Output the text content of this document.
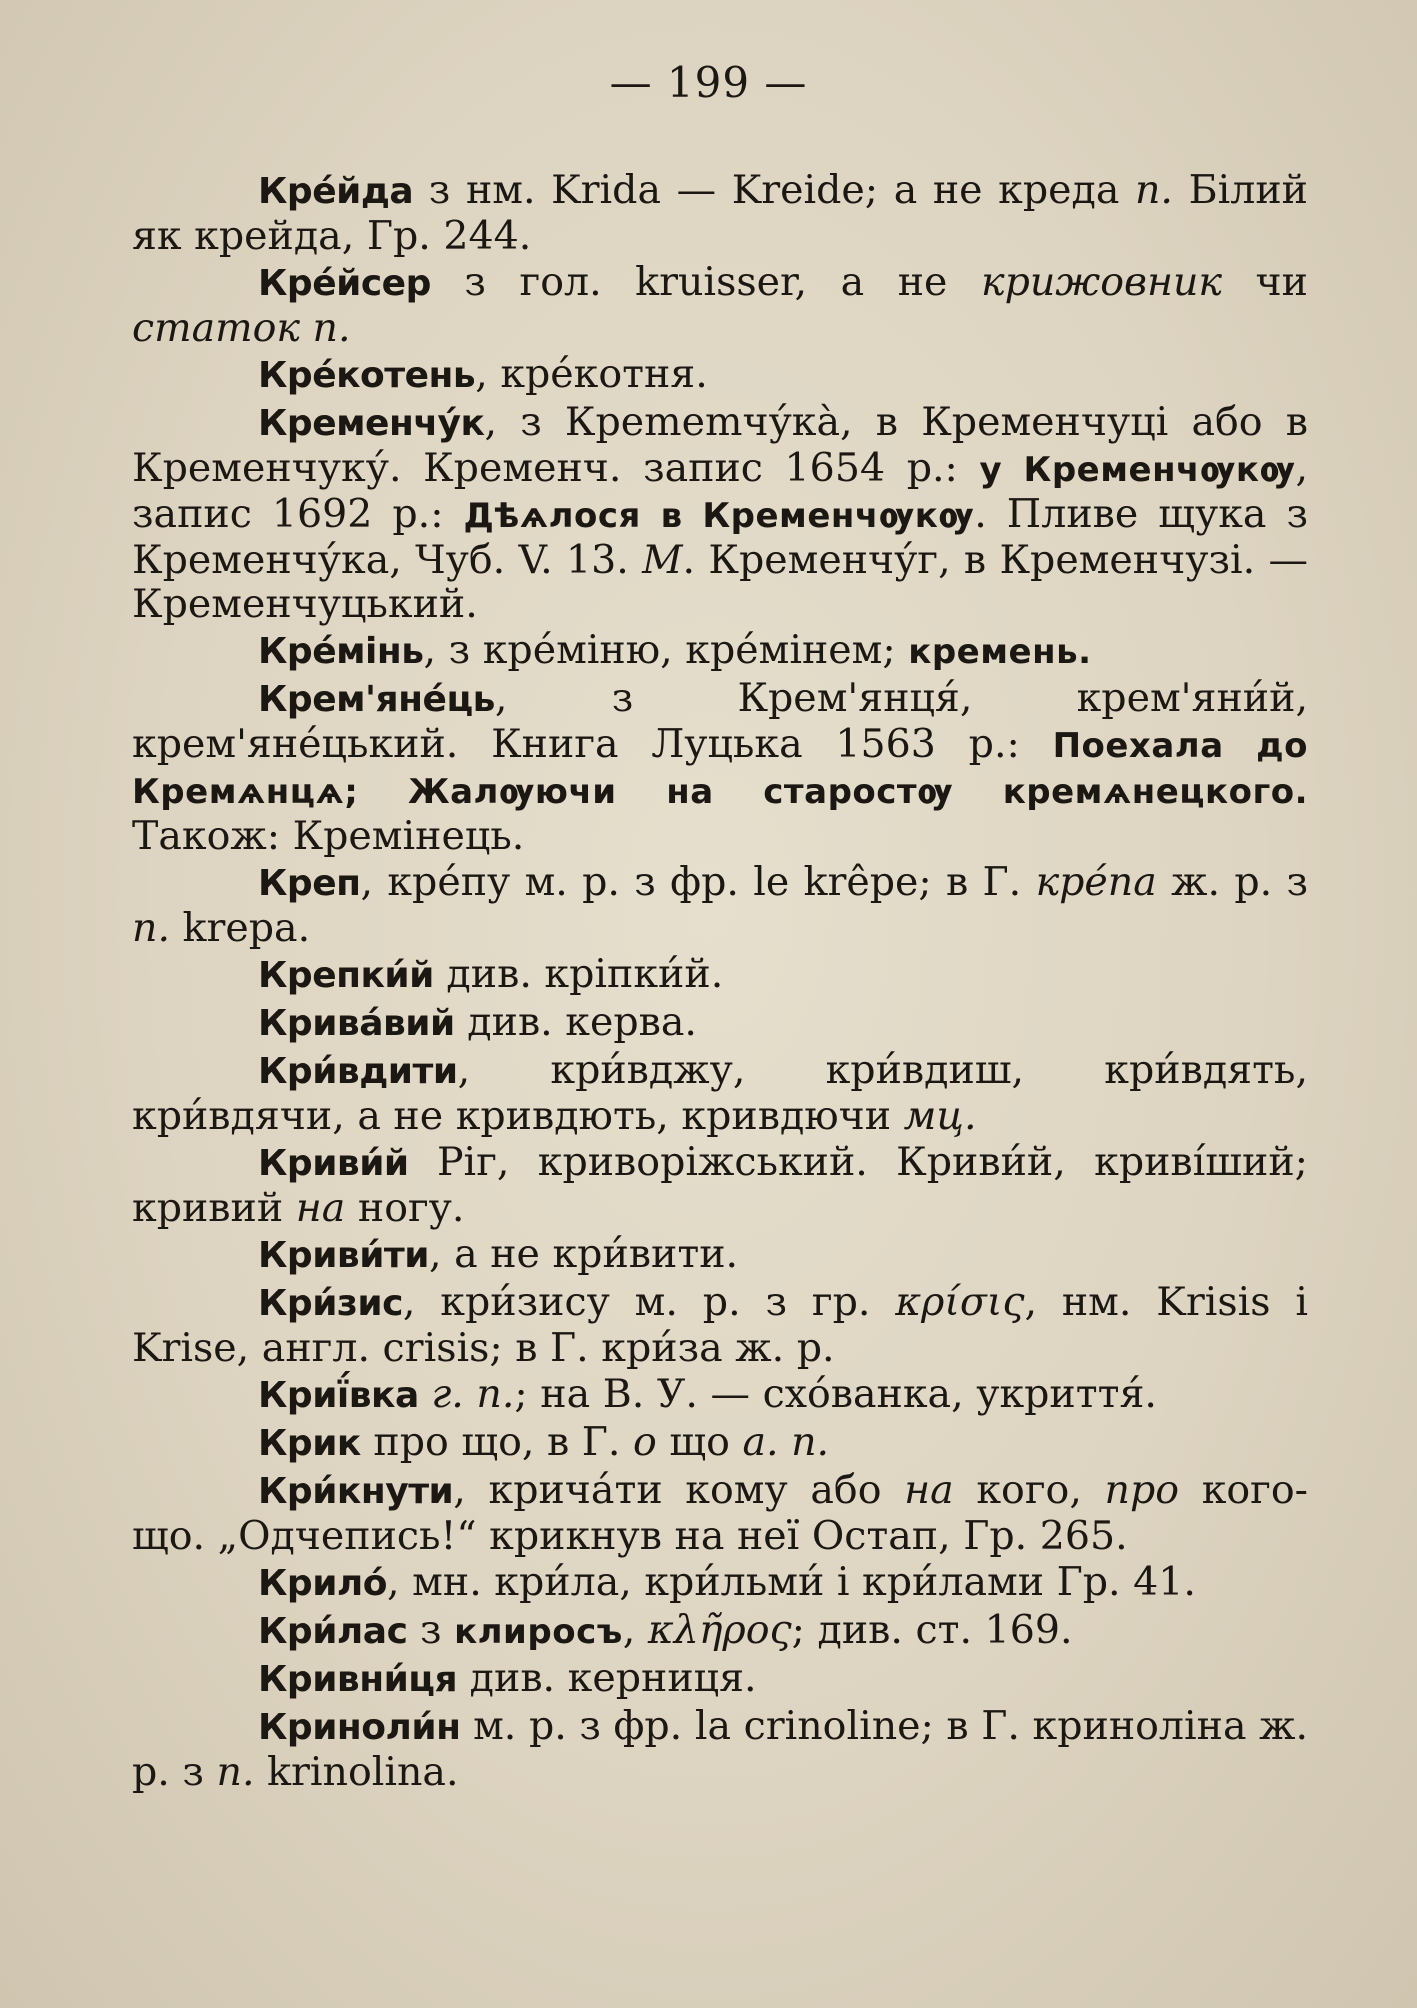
— 199 —

Кре́йда з нм. Krida — Kreide; а не креда п. Білий як крейда, Гр. 244.

Кре́йсер з гол. kruisser, а не крижовник чи статок п.

Кре́котень, кре́котня.

Кременчу́к, з Крememчу́ка̀, в Кременчуці або в Кременчуку́. Кременч. запис 1654 р.: у Кременчѹкѹ, запис 1692 р.: Дѣѧлося в Кременчѹкѹ. Пливе щука з Кременчу́ка, Чуб. V. 13. М. Кременчу́г, в Кременчузі. — Кременчуцький.

Кре́мінь, з кре́міню, кре́мінем; кремень.

Крем'яне́ць, з Крем'янця́, крем'яни́й, крем'яне́цький. Книга Луцька 1563 р.: Поехала до Кремѧнцѧ; Жалѹючи на старостѹ кремѧнецкого. Також: Кремінець.

Креп, кре́пу м. р. з фр. le krêpe; в Г. кре́па ж. р. з п. krepa.

Крепки́й див. кріпки́й.

Крива́вий див. керва.

Кри́вдити, кри́вджу, кри́вдиш, кри́вдять, кри́вдячи, а не кривдють, кривдючи мц.

Криви́й Ріг, криворіжський. Криви́й, криві́ший; кривий на ногу.

Криви́ти, а не кри́вити.

Кри́зис, кри́зису м. р. з гр. κρίσις, нм. Krisis і Krise, англ. crisis; в Г. кри́за ж. р.

Криї́вка г. п.; на В. У. — схо́ванка, укриття́.

Крик про що, в Г. о що а. п.

Кри́кнути, крича́ти кому або на кого, про кого-що. „Одчепись!“ крикнув на неї Остап, Гр. 265.

Крило́, мн. кри́ла, кри́льми́ і кри́лами Гр. 41.

Кри́лас з клиросъ, κλῆρος; див. ст. 169.

Кривни́ця див. керниця.

Криноли́н м. р. з фр. la crinoline; в Г. криноліна ж. р. з п. krinolina.
